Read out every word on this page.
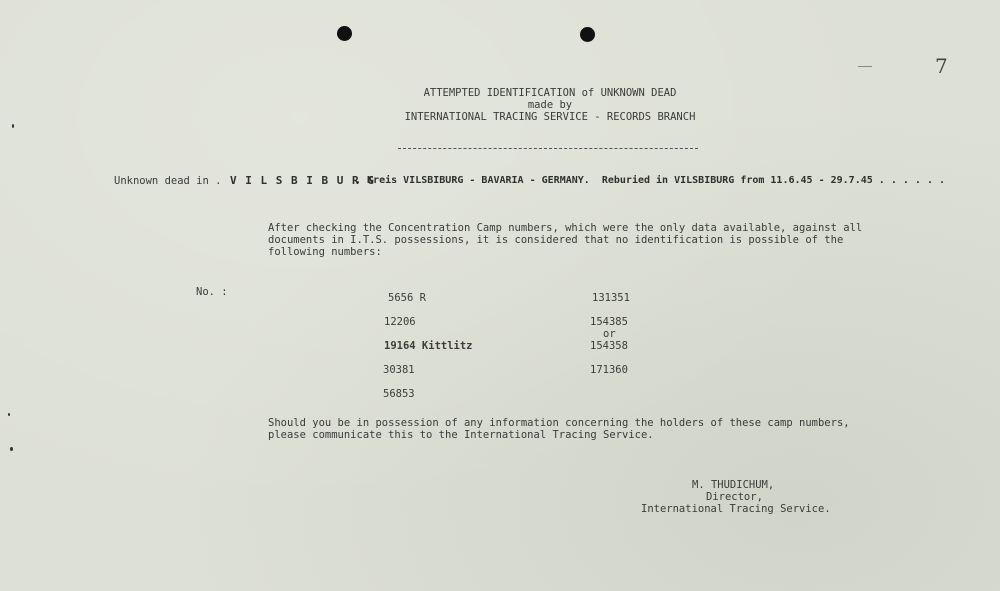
7
ATTEMPTED IDENTIFICATION of UNKNOWN DEAD
made by
INTERNATIONAL TRACING SERVICE - RECORDS BRANCH
Unknown dead in . V I L S B I B U R G
. Kreis VILSBIBURG - BAVARIA - GERMANY.  Reburied in VILSBIBURG from 11.6.45 - 29.7.45 . . . . . .
After checking the Concentration Camp numbers, which were the only data available, against all
documents in I.T.S. possessions, it is considered that no identification is possible of the
following numbers:
No. :	5656 R
12206
19164 Kittlitz
30381
56853
131351
154385
or
154358
171360
Should you be in possession of any information concerning the holders of these camp numbers,
please communicate this to the International Tracing Service.
M. THUDICHUM,
Director,
International Tracing Service.
